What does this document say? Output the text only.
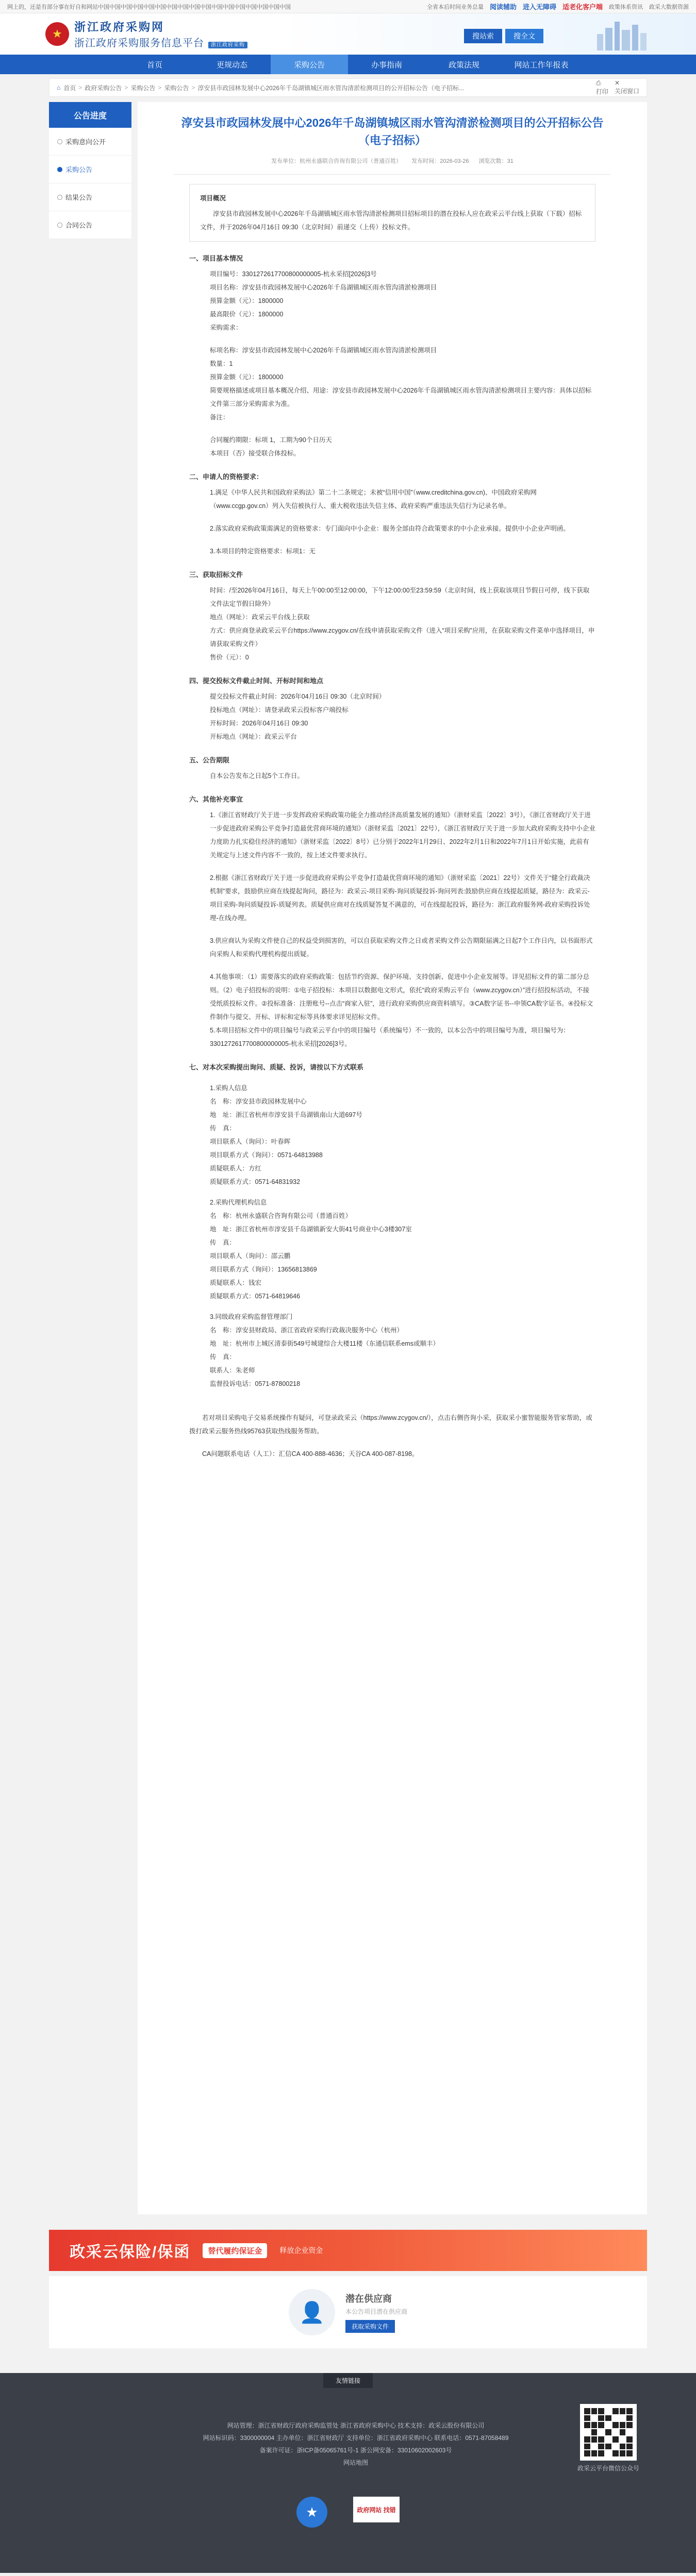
网上的，还是有部分事在好自和网站中国中国中国中国中国中国中国中国中国中国中国中国中国中国中国中国中国	全省本后时间业务总量 阅读辅助 进入无障碍 适老化客户端 政策体系资讯 政采大数据资源
★
浙江政府采购网
浙江政府采购服务信息平台 浙江政府采购
搜站索	搜全文
首页	更规动态	采购公告	办事指南	政策法规	网站工作年报表
⌂ 首页 > 政府采购公告 > 采购公告 > 采购公告 > 淳安县市政园林发展中心2026年千岛湖镇城区雨水管沟清淤检测项目的公开招标公告（电子招标...
⎙
打印
✕
关闭窗口
公告进度
采购意向公开
采购公告
结果公告
合同公告
淳安县市政园林发展中心2026年千岛湖镇城区雨水管沟清淤检测项目的公开招标公告（电子招标）
发布单位：杭州永盛联合咨询有限公司（普通百姓） 发布时间：2026-03-26 浏览次数：31
项目概况

淳安县市政园林发展中心2026年千岛湖镇城区雨水管沟清淤检测项目招标项目的潜在投标人应在政采云平台线上获取（下载）招标文件，并于2026年04月16日 09:30（北京时间）前递交（上传）投标文件。

一、项目基本情况

项目编号：3301272617700800000005-杭永采招[2026]3号

项目名称：淳安县市政园林发展中心2026年千岛湖镇城区雨水管沟清淤检测项目

预算金额（元）：1800000

最高限价（元）：1800000

采购需求：

标项名称：淳安县市政园林发展中心2026年千岛湖镇城区雨水管沟清淤检测项目

数量：1

预算金额（元）：1800000

简要规格描述或项目基本概况介绍、用途：淳安县市政园林发展中心2026年千岛湖镇城区雨水管沟清淤检测项目主要内容：具体以招标文件第三部分采购需求为准。

备注：

合同履约期限：标项 1，工期为90个日历天

本项目（否）接受联合体投标。

二、申请人的资格要求：

1.满足《中华人民共和国政府采购法》第二十二条规定；未被“信用中国”（www.creditchina.gov.cn)、中国政府采购网（www.ccgp.gov.cn）列入失信被执行人、重大税收违法失信主体、政府采购严重违法失信行为记录名单。

2.落实政府采购政策需满足的资格要求：专门面向中小企业：服务全部由符合政策要求的中小企业承接。提供中小企业声明函。

3.本项目的特定资格要求：标项1：无

三、获取招标文件

时间：/至2026年04月16日，每天上午00:00至12:00:00，下午12:00:00至23:59:59（北京时间，线上获取该项目节假日可停，线下获取文件法定节假日除外）

地点（网址）：政采云平台线上获取

方式：供应商登录政采云平台https://www.zcygov.cn/在线申请获取采购文件（进入“项目采购”应用，在获取采购文件菜单中选择项目，申请获取采购文件）

售价（元）：0

四、提交投标文件截止时间、开标时间和地点

提交投标文件截止时间：2026年04月16日 09:30（北京时间）

投标地点（网址）：请登录政采云投标客户端投标

开标时间：2026年04月16日 09:30

开标地点（网址）：政采云平台

五、公告期限

自本公告发布之日起5个工作日。

六、其他补充事宜

1.《浙江省财政厅关于进一步发挥政府采购政策功能全力推动经济高质量发展的通知》（浙财采监〔2022〕3号），《浙江省财政厅关于进一步促进政府采购公平竞争打造最优营商环境的通知》（浙财采监〔2021〕22号），《浙江省财政厅关于进一步加大政府采购支持中小企业力度助力扎实稳住经济的通知》（浙财采监〔2022〕8号）已分别于2022年1月29日、2022年2月1日和2022年7月1日开始实施，此前有关规定与上述文件内容不一致的，按上述文件要求执行。

2.根据《浙江省财政厅关于进一步促进政府采购公平竞争打造最优营商环境的通知》（浙财采监〔2021〕22号）文件关于“健全行政裁决机制”要求，鼓励供应商在线提起询问，路径为：政采云-项目采购-询问质疑投诉-询问列表:鼓励供应商在线提起质疑，路径为：政采云-项目采购-询问质疑投诉-质疑列表。质疑供应商对在线质疑答复不满意的，可在线提起投诉，路径为：浙江政府服务网-政府采购投诉处理-在线办理。

3.供应商认为采购文件使自己的权益受到损害的，可以自获取采购文件之日或者采购文件公告期限届满之日起7个工作日内，以书面形式向采购人和采购代理机构提出质疑。

4.其他事项：（1）需要落实的政府采购政策：包括节约资源、保护环境、支持创新、促进中小企业发展等。详见招标文件的第二部分总则。（2）电子招投标的说明：①电子招投标：本项目以数据电文形式，依托“政府采购云平台（www.zcygov.cn）”进行招投标活动，不接受纸质投标文件。②投标准备：注册账号--点击“商家入驻”，进行政府采购供应商资料填写。③CA数字证书--申领CA数字证书。④投标文件制作与提交、开标、评标和定标等具体要求详见招标文件。

5.本项目招标文件中的项目编号与政采云平台中的项目编号（系统编号）不一致的，以本公告中的项目编号为准，项目编号为：3301272617700800000005-杭永采招[2026]3号。

七、对本次采购提出询问、质疑、投诉，请按以下方式联系

1.采购人信息

名　称：淳安县市政园林发展中心

地　址：浙江省杭州市淳安县千岛湖镇南山大道697号

传　真：

项目联系人（询问）：叶春晖

项目联系方式（询问）：0571-64813988

质疑联系人：方红

质疑联系方式：0571-64831932

2.采购代理机构信息

名　称：杭州永盛联合咨询有限公司（普通百姓）

地　址：浙江省杭州市淳安县千岛湖镇新安大街41号商业中心3楼307室

传　真：

项目联系人（询问）：邵云鹏

项目联系方式（询问）：13656813869

质疑联系人：钱宏

质疑联系方式：0571-64819646

3.同级政府采购监督管理部门

名　称：淳安县财政局、浙江省政府采购行政裁决服务中心（杭州）

地　址：杭州市上城区清泰街549号城建综合大楼11楼（东通信联系ems或顺丰）

传　真：

联系人：朱老师

监督投诉电话：0571-87800218

若对项目采购电子交易系统操作有疑问，可登录政采云（https://www.zcygov.cn/），点击右侧咨询小采，获取采小蜜智能服务管家帮助，或拨打政采云服务热线95763获取热线服务帮助。

CA问题联系电话（人工）：汇信CA 400-888-4636；天谷CA 400-087-8198。

政采云保险/保函	替代履约保证金	释放企业资金
👤
潜在供应商
本公告项目潜在供应商
获取采购文件
友情链接
网站管理：浙江省财政厅政府采购监管处 浙江省政府采购中心 技术支持：政采云股份有限公司
网站标识码：3300000004 主办单位：浙江省财政厅 支持单位：浙江省政府采购中心 联系电话：0571-87058489
备案许可证：浙ICP备05065761号-1 浙公网安备：33010602002603号
网站地图
政采云平台微信公众号
★	政府网站 找错
